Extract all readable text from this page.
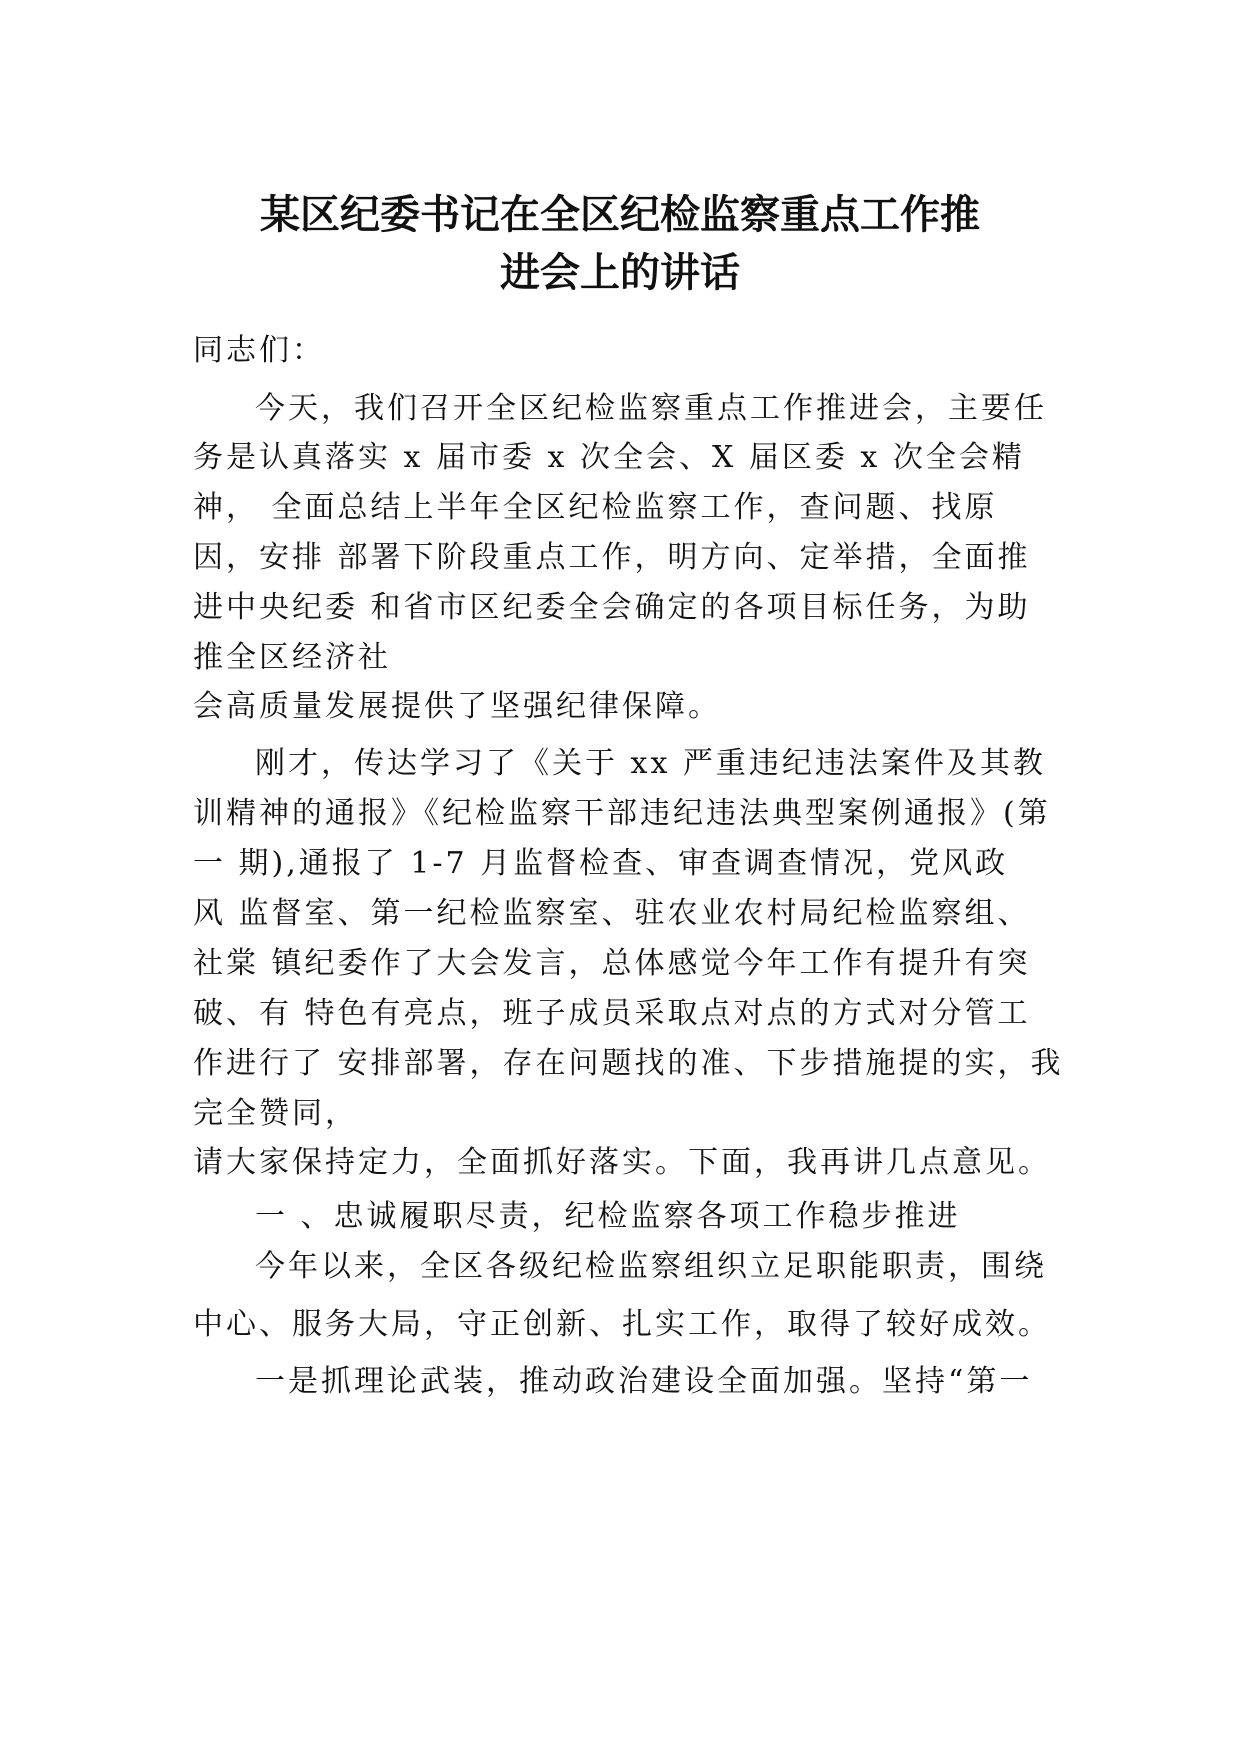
某区纪委书记在全区纪检监察重点工作推
进会上的讲话

同志们：

今天，我们召开全区纪检监察重点工作推进会，主要任

务是认真落实 x 届市委 x 次全会、X 届区委 x 次全会精

神， 全面总结上半年全区纪检监察工作，查问题、找原

因，安排 部署下阶段重点工作，明方向、定举措，全面推

进中央纪委 和省市区纪委全会确定的各项目标任务，为助

推全区经济社

会高质量发展提供了坚强纪律保障。

刚才，传达学习了《关于 xx 严重违纪违法案件及其教

训精神的通报》《纪检监察干部违纪违法典型案例通报》(第

一 期),通报了 1-7 月监督检查、审查调查情况，党风政

风 监督室、第一纪检监察室、驻农业农村局纪检监察组、

社棠 镇纪委作了大会发言，总体感觉今年工作有提升有突

破、有 特色有亮点，班子成员采取点对点的方式对分管工

作进行了 安排部署，存在问题找的准、下步措施提的实，我

完全赞同，

请大家保持定力，全面抓好落实。下面，我再讲几点意见。

一 、忠诚履职尽责，纪检监察各项工作稳步推进

今年以来，全区各级纪检监察组织立足职能职责，围绕

中心、服务大局，守正创新、扎实工作，取得了较好成效。

一是抓理论武装，推动政治建设全面加强。坚持“第一
